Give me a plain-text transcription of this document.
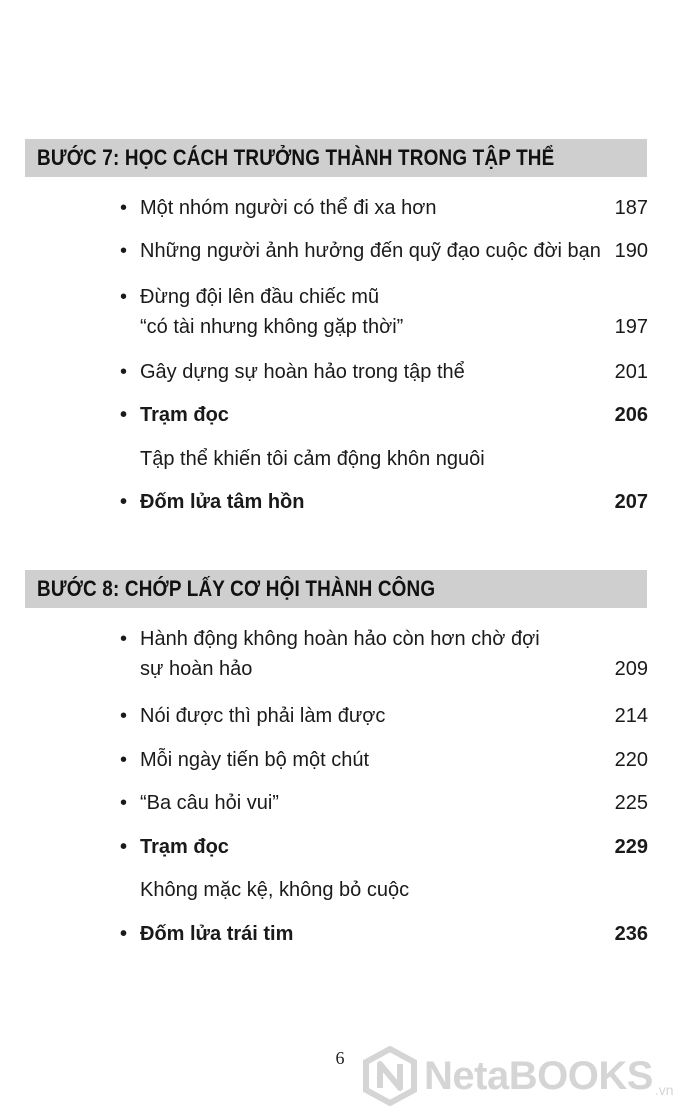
BƯỚC 7: HỌC CÁCH TRƯỞNG THÀNH TRONG TẬP THỂ
• Một nhóm người có thể đi xa hơn	187
• Những người ảnh hưởng đến quỹ đạo cuộc đời bạn 190
• Đừng đội lên đầu chiếc mũ
“có tài nhưng không gặp thời”	197
• Gây dựng sự hoàn hảo trong tập thể	201
• Trạm đọc	206
Tập thể khiến tôi cảm động khôn nguôi
• Đốm lửa tâm hồn	207
BƯỚC 8: CHỚP LẤY CƠ HỘI THÀNH CÔNG
• Hành động không hoàn hảo còn hơn chờ đợi
sự hoàn hảo	209
• Nói được thì phải làm được	214
• Mỗi ngày tiến bộ một chút	220
• “Ba câu hỏi vui”	225
• Trạm đọc	229
Không mặc kệ, không bỏ cuộc
• Đốm lửa trái tim	236
6	NetaBOOKS .vn
